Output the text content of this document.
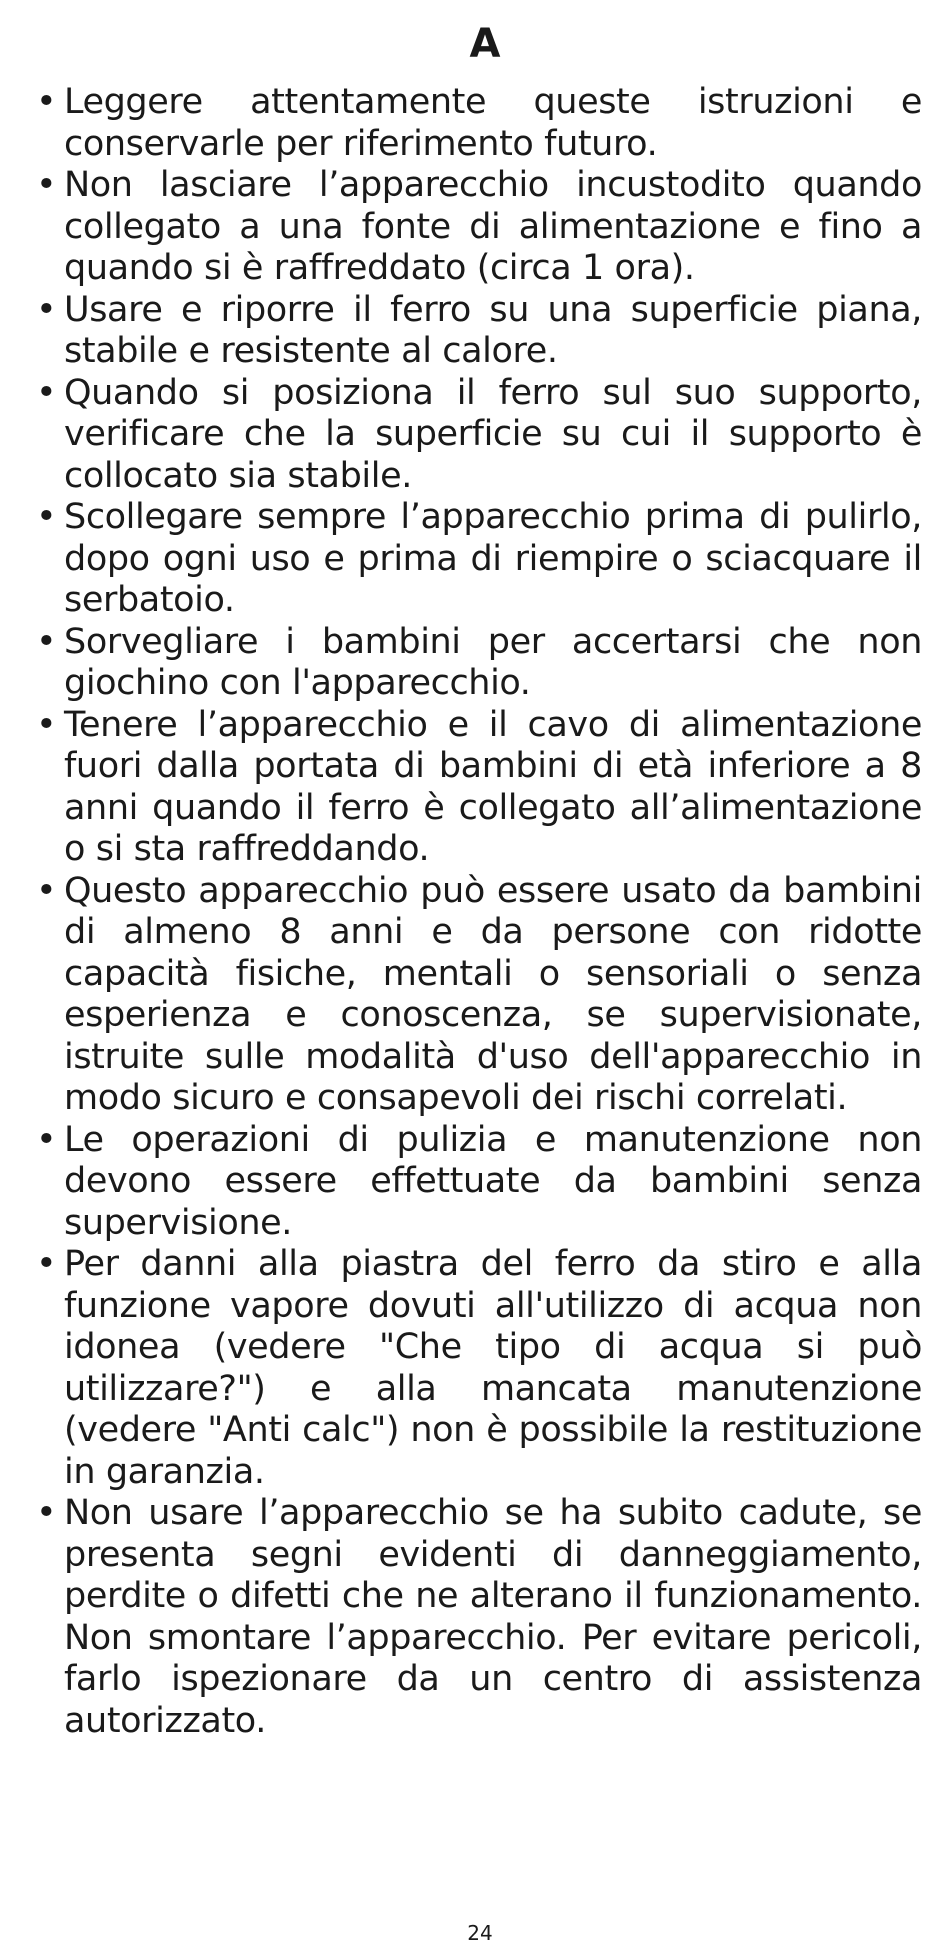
A
• Leggere attentamente queste istruzioni e conservarle per riferimento futuro.
• Non lasciare l’apparecchio incustodito quando collegato a una fonte di alimentazione e fino a quando si è raffreddato (circa 1 ora).
• Usare e riporre il ferro su una superficie piana, stabile e resistente al calore.
• Quando si posiziona il ferro sul suo supporto, verificare che la superficie su cui il supporto è collocato sia stabile.
• Scollegare sempre l’apparecchio prima di pulirlo, dopo ogni uso e prima di riempire o sciacquare il serbatoio.
• Sorvegliare i bambini per accertarsi che non giochino con l'apparecchio.
• Tenere l’apparecchio e il cavo di alimentazione fuori dalla portata di bambini di età inferiore a 8 anni quando il ferro è collegato all’alimentazione o si sta raffreddando.
• Questo apparecchio può essere usato da bambini di almeno 8 anni e da persone con ridotte capacità fisiche, mentali o sensoriali o senza esperienza e conoscenza, se supervisionate, istruite sulle modalità d'uso dell'apparecchio in modo sicuro e consapevoli dei rischi correlati.
• Le operazioni di pulizia e manutenzione non devono essere effettuate da bambini senza supervisione.
• Per danni alla piastra del ferro da stiro e alla funzione vapore dovuti all'utilizzo di acqua non idonea (vedere "Che tipo di acqua si può utilizzare?") e alla mancata manutenzione (vedere "Anti calc") non è possibile la restituzione in garanzia.
• Non usare l’apparecchio se ha subito cadute, se presenta segni evidenti di danneggiamento, perdite o difetti che ne alterano il funzionamento. Non smontare l’apparecchio. Per evitare pericoli, farlo ispezionare da un centro di assistenza autorizzato.
24
